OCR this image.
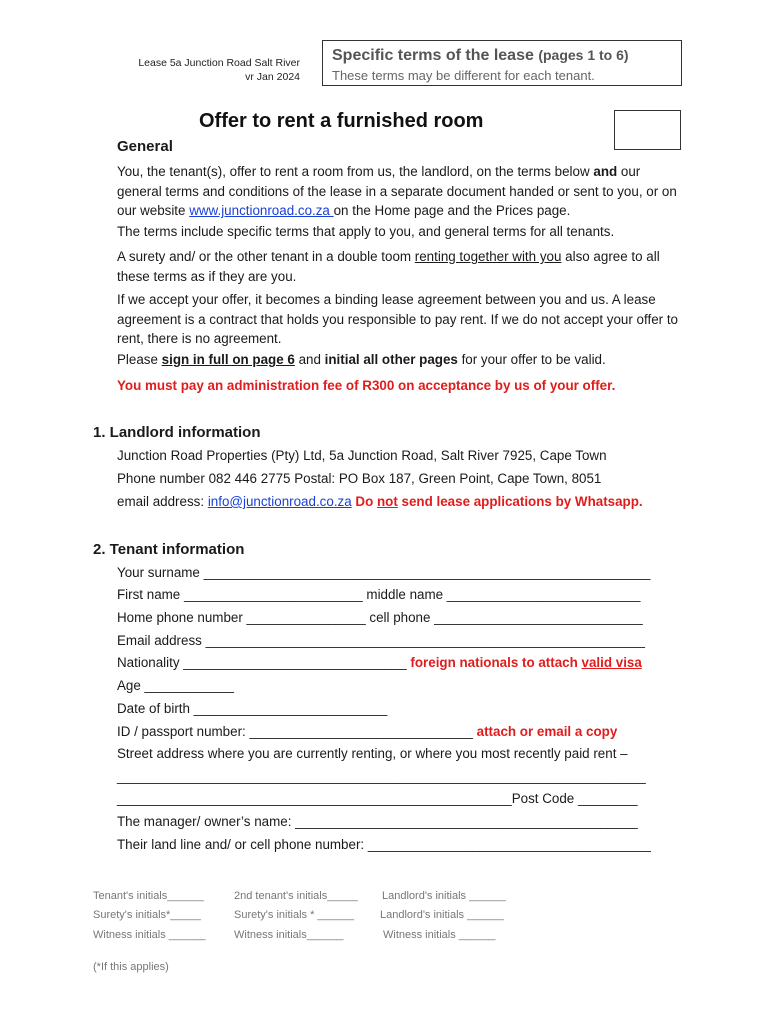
Lease 5a Junction Road Salt River
vr Jan 2024
Specific terms of the lease (pages 1 to 6)
These terms may be different for each tenant.
Offer to rent a furnished room
General

You, the tenant(s), offer to rent a room from us, the landlord, on the terms below and our general terms and conditions of the lease in a separate document handed or sent to you, or on our website www.junctionroad.co.za on the Home page and the Prices page.

The terms include specific terms that apply to you, and general terms for all tenants.

A surety and/ or the other tenant in a double toom renting together with you also agree to all these terms as if they are you.

If we accept your offer, it becomes a binding lease agreement between you and us. A lease agreement is a contract that holds you responsible to pay rent. If we do not accept your offer to rent, there is no agreement.

Please sign in full on page 6 and initial all other pages for your offer to be valid.

You must pay an administration fee of R300 on acceptance by us of your offer.
1. Landlord information
Junction Road Properties (Pty) Ltd, 5a Junction Road, Salt River 7925, Cape Town
Phone number 082 446 2775 Postal: PO Box 187, Green Point, Cape Town, 8051
email address: info@junctionroad.co.za Do not send lease applications by Whatsapp.
2. Tenant information
Your surname ____________________________________________________________
First name ________________________ middle name __________________________
Home phone number ________________ cell phone ____________________________
Email address ___________________________________________________________
Nationality ______________________________ foreign nationals to attach valid visa
Age ____________
Date of birth __________________________
ID / passport number: ______________________________ attach or email a copy
Street address where you are currently renting, or where you most recently paid rent –
_______________________________________________________________________
_____________________________________________________Post Code ________
The manager/ owner’s name: ______________________________________________
Their land line and/ or cell phone number: ______________________________________
Tenant's initials______	2nd tenant's initials_____ Landlord's initials ______
Surety's initials*_____	Surety's initials * ______ Landlord's initials ______
Witness initials ______	Witness initials______	Witness initials ______
(*If this applies)
